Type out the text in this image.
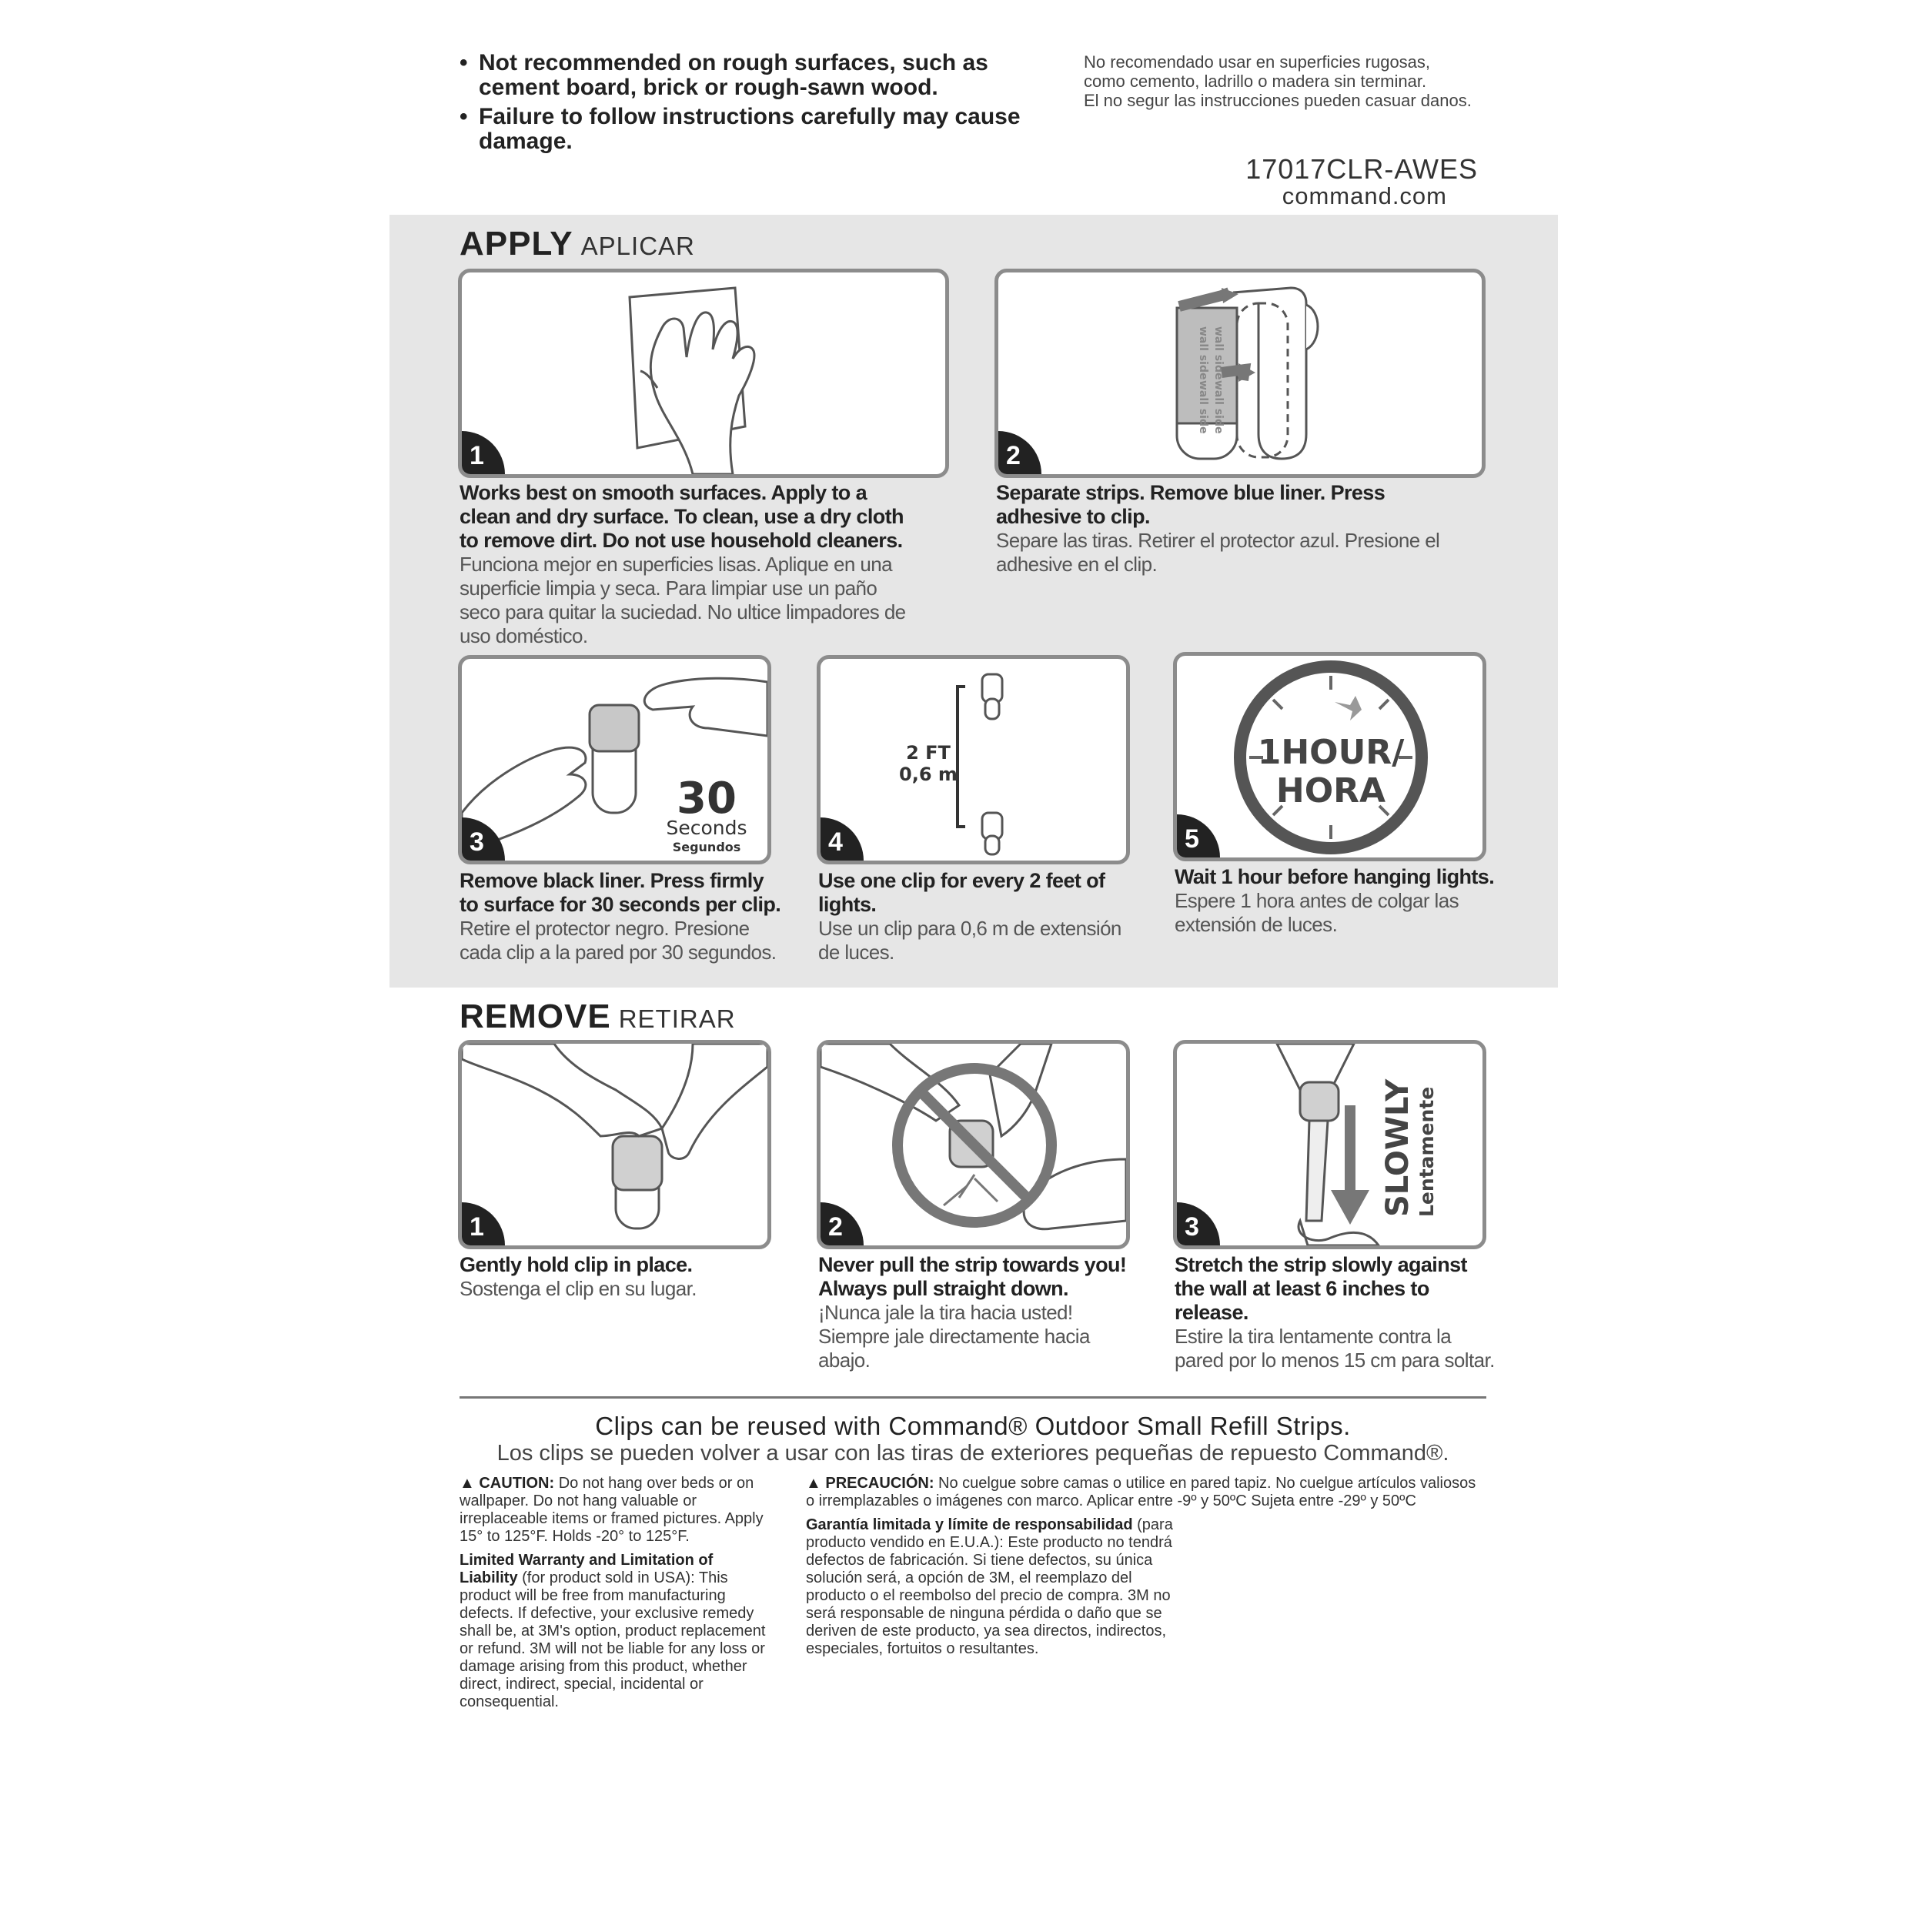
• Not recommended on rough surfaces, such as cement board, brick or rough-sawn wood.
• Failure to follow instructions carefully may cause damage.
No recomendado usar en superficies rugosas,
como cemento, ladrillo o madera sin terminar.
El no segur las instrucciones pueden casuar danos.
17017CLR-AWES
command.com
APPLY APLICAR
1
Works best on smooth surfaces. Apply to a clean and dry surface. To clean, use a dry cloth to remove dirt. Do not use household cleaners.
Funciona mejor en superficies lisas. Aplique en una superficie limpia y seca. Para limpiar use un paño seco para quitar la suciedad. No ultice limpadores de uso doméstico.
wall side wall side
wall side wall side
2
Separate strips. Remove blue liner. Press adhesive to clip.
Separe las tiras. Retirer el protector azul. Presione el adhesive en el clip.
30
Seconds
Segundos
3
Remove black liner. Press firmly to surface for 30 seconds per clip.
Retire el protector negro. Presione cada clip a la pared por 30 segundos.
2 FT
0,6 m
4
Use one clip for every 2 feet of lights.
Use un clip para 0,6 m de extensión de luces.
1HOUR/
HORA
5
Wait 1 hour before hanging lights.
Espere 1 hora antes de colgar las extensión de luces.
REMOVE RETIRAR
1
Gently hold clip in place.
Sostenga el clip en su lugar.
2
Never pull the strip towards you! Always pull straight down.
¡Nunca jale la tira hacia usted! Siempre jale directamente hacia abajo.
SLOWLY Lentamente
3
Stretch the strip slowly against the wall at least 6 inches to release.
Estire la tira lentamente contra la pared por lo menos 15 cm para soltar.
Clips can be reused with Command® Outdoor Small Refill Strips.
Los clips se pueden volver a usar con las tiras de exteriores pequeñas de repuesto Command®.

▲ CAUTION: Do not hang over beds or on wallpaper. Do not hang valuable or irreplaceable items or framed pictures. Apply 15° to 125°F. Holds -20° to 125°F.

Limited Warranty and Limitation of Liability (for product sold in USA): This product will be free from manufacturing defects. If defective, your exclusive remedy shall be, at 3M's option, product replacement or refund. 3M will not be liable for any loss or damage arising from this product, whether direct, indirect, special, incidental or consequential.

▲ PRECAUCIÓN: No cuelgue sobre camas o utilice en pared tapiz. No cuelgue artículos valiosos o irremplazables o imágenes con marco. Aplicar entre -9º y 50ºC Sujeta entre -29º y 50ºC

Garantía limitada y límite de responsabilidad (para producto vendido en E.U.A.): Este producto no tendrá defectos de fabricación. Si tiene defectos, su única solución será, a opción de 3M, el reemplazo del producto o el reembolso del precio de compra. 3M no será responsable de ninguna pérdida o daño que se deriven de este producto, ya sea directos, indirectos, especiales, fortuitos o resultantes.
